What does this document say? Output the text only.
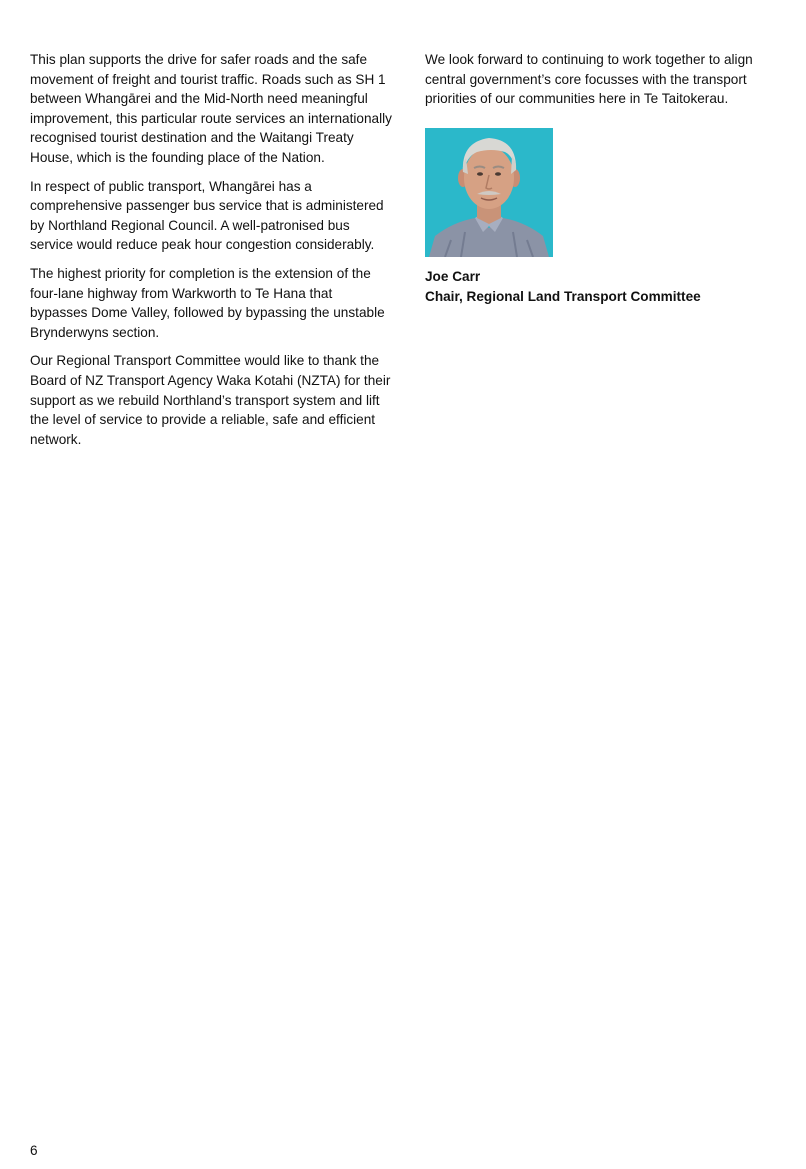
This plan supports the drive for safer roads and the safe movement of freight and tourist traffic. Roads such as SH 1 between Whangārei and the Mid-North need meaningful improvement, this particular route services an internationally recognised tourist destination and the Waitangi Treaty House, which is the founding place of the Nation.

In respect of public transport, Whangārei has a comprehensive passenger bus service that is administered by Northland Regional Council. A well-patronised bus service would reduce peak hour congestion considerably.

The highest priority for completion is the extension of the four-lane highway from Warkworth to Te Hana that bypasses Dome Valley, followed by bypassing the unstable Brynderwyns section.

Our Regional Transport Committee would like to thank the Board of NZ Transport Agency Waka Kotahi (NZTA) for their support as we rebuild Northland’s transport system and lift the level of service to provide a reliable, safe and efficient network.

We look forward to continuing to work together to align central government’s core focusses with the transport priorities of our communities here in Te Taitokerau.

Joe Carr

Chair, Regional Land Transport Committee

6
